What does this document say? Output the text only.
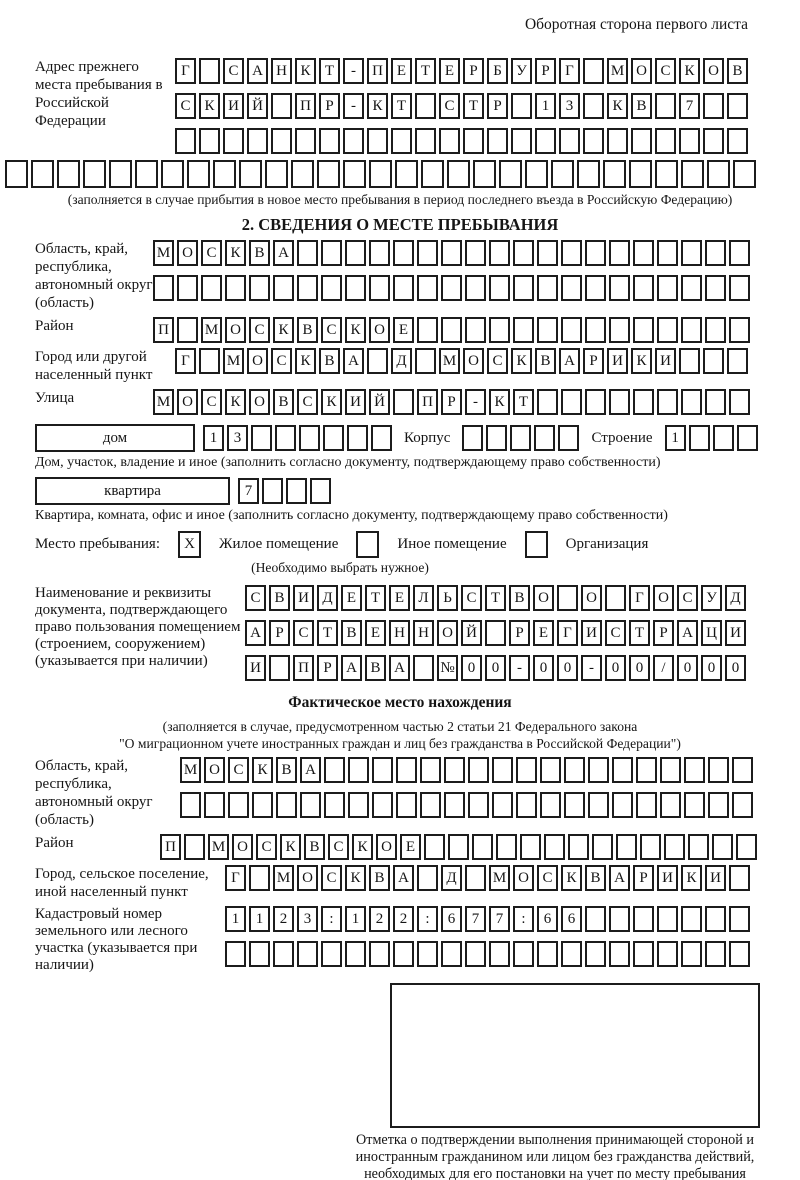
Оборотная сторона первого листа
Адрес прежнего места пребывания в Российской Федерации
Г	С А Н К Т	-	П Е Т Е	Р	Б У Р	Г	М О С К О В
С К И Й	П Р	-	К Т	С Т	Р	1	3	К В	7
(заполняется в случае прибытия в новое место пребывания в период последнего въезда в Российскую Федерацию)
2. СВЕДЕНИЯ О МЕСТЕ ПРЕБЫВАНИЯ
Область, край, республика, автономный округ (область)
М О С К В А
Район	П	М О С К В С К О Е
Город или другой населенный пункт
Г	М О С К В А	Д	М О С К В А Р И К И
Улица	М О С К О В С К И Й	П Р	-	К Т
дом	1	3	Корпус	Строение	1
Дом, участок, владение и иное (заполнить согласно документу, подтверждающему право собственности)
квартира	7
Квартира, комната, офис и иное (заполнить согласно документу, подтверждающему право собственности)
Место пребывания:	X	Жилое помещение	Иное помещение	Организация
(Необходимо выбрать нужное)
Наименование и реквизиты документа, подтверждающего право пользования помещением (строением, сооружением) (указывается при наличии)
С В И Д Е Т Е Л Ь С Т В О	О	Г О С У Д
А Р С Т В Е Н Н О Й	Р	Е	Г И С Т	Р А Ц И
И	П Р А В А	№ 0	0	-	0	0	-	0	0	/	0	0	0
Фактическое место нахождения
(заполняется в случае, предусмотренном частью 2 статьи 21 Федерального закона
"О миграционном учете иностранных граждан и лиц без гражданства в Российской Федерации")
Область, край, республика, автономный округ (область)
М О С К В А
Район	П	М О С К В С К О Е
Город, сельское поселение, иной населенный пункт
Г	М О С К В А	Д	М О С К В А Р И К И
Кадастровый номер земельного или лесного участка (указывается при наличии)
1	1	2	3	:	1	2	2	:	6	7	7	:	6	6
Отметка о подтверждении выполнения принимающей стороной и иностранным гражданином или лицом без гражданства действий, необходимых для его постановки на учет по месту пребывания
